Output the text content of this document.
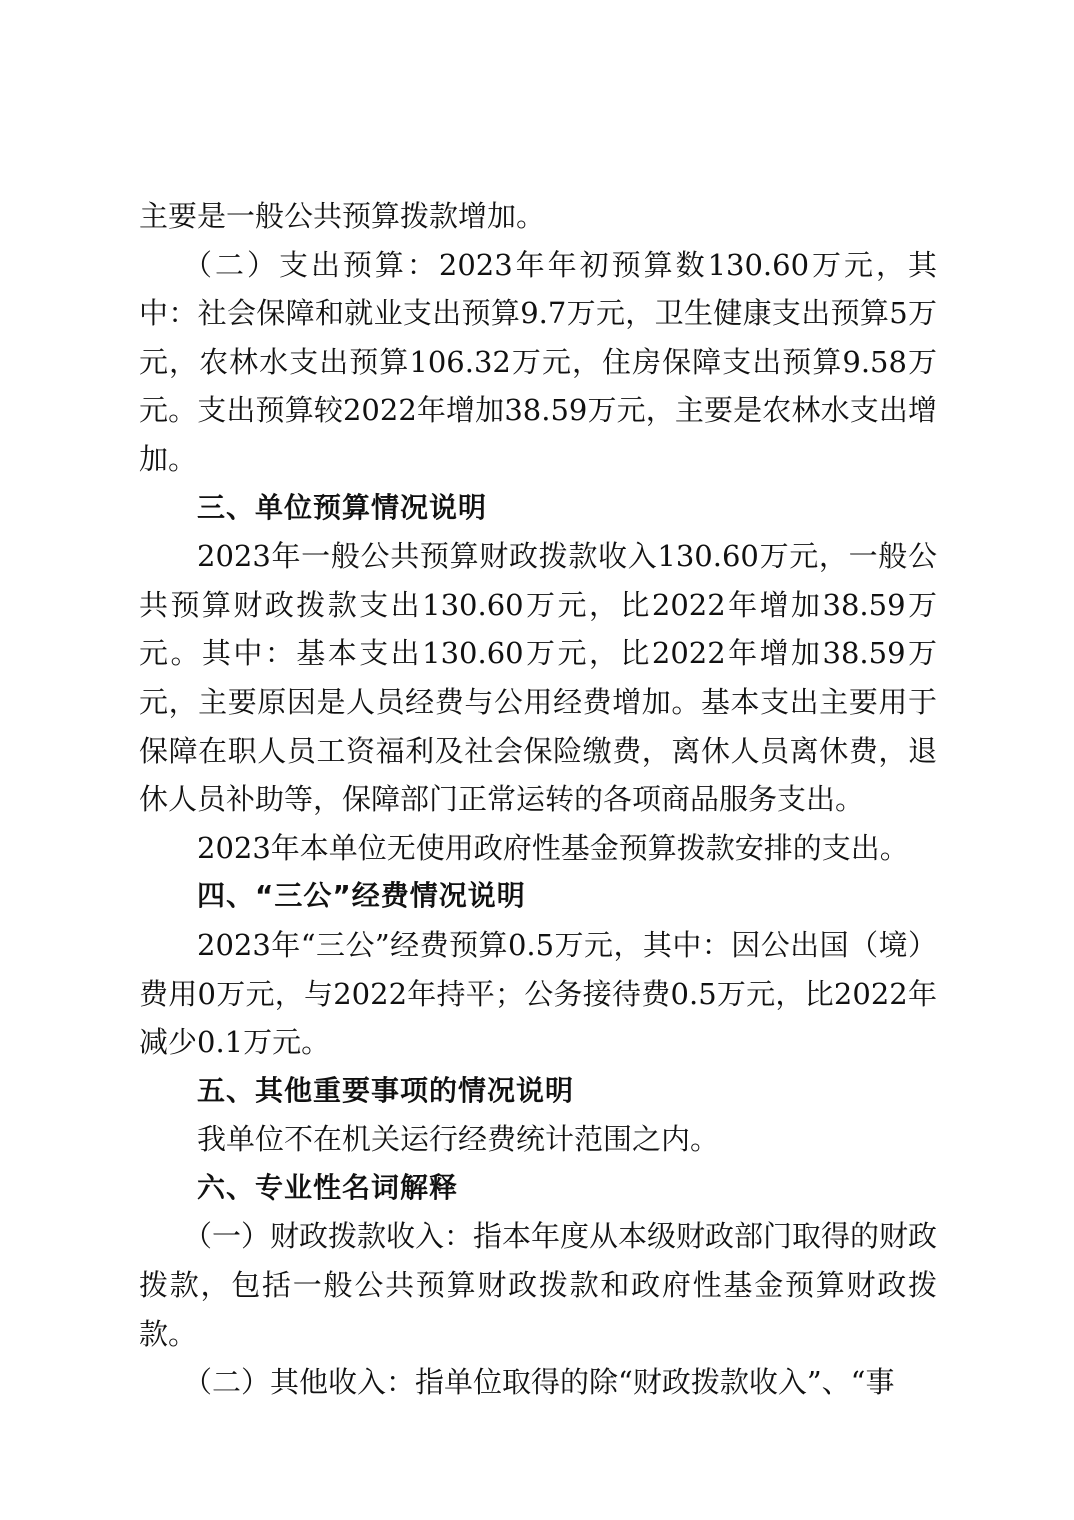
主要是一般公共预算拨款增加。

（二）支出预算：2023年年初预算数130.60万元，其中：社会保障和就业支出预算9.7万元，卫生健康支出预算5万元，农林水支出预算106.32万元，住房保障支出预算9.58万元。支出预算较2022年增加38.59万元，主要是农林水支出增加。

三、单位预算情况说明

2023年一般公共预算财政拨款收入130.60万元，一般公共预算财政拨款支出130.60万元，比2022年增加38.59万元。其中：基本支出130.60万元，比2022年增加38.59万元，主要原因是人员经费与公用经费增加。基本支出主要用于保障在职人员工资福利及社会保险缴费，离休人员离休费，退休人员补助等，保障部门正常运转的各项商品服务支出。

2023年本单位无使用政府性基金预算拨款安排的支出。

四、“三公”经费情况说明

2023年“三公”经费预算0.5万元，其中：因公出国（境）费用0万元，与2022年持平；公务接待费0.5万元，比2022年减少0.1万元。

五、其他重要事项的情况说明

我单位不在机关运行经费统计范围之内。

六、专业性名词解释

（一）财政拨款收入：指本年度从本级财政部门取得的财政拨款，包括一般公共预算财政拨款和政府性基金预算财政拨款。

（二）其他收入：指单位取得的除“财政拨款收入”、“事
